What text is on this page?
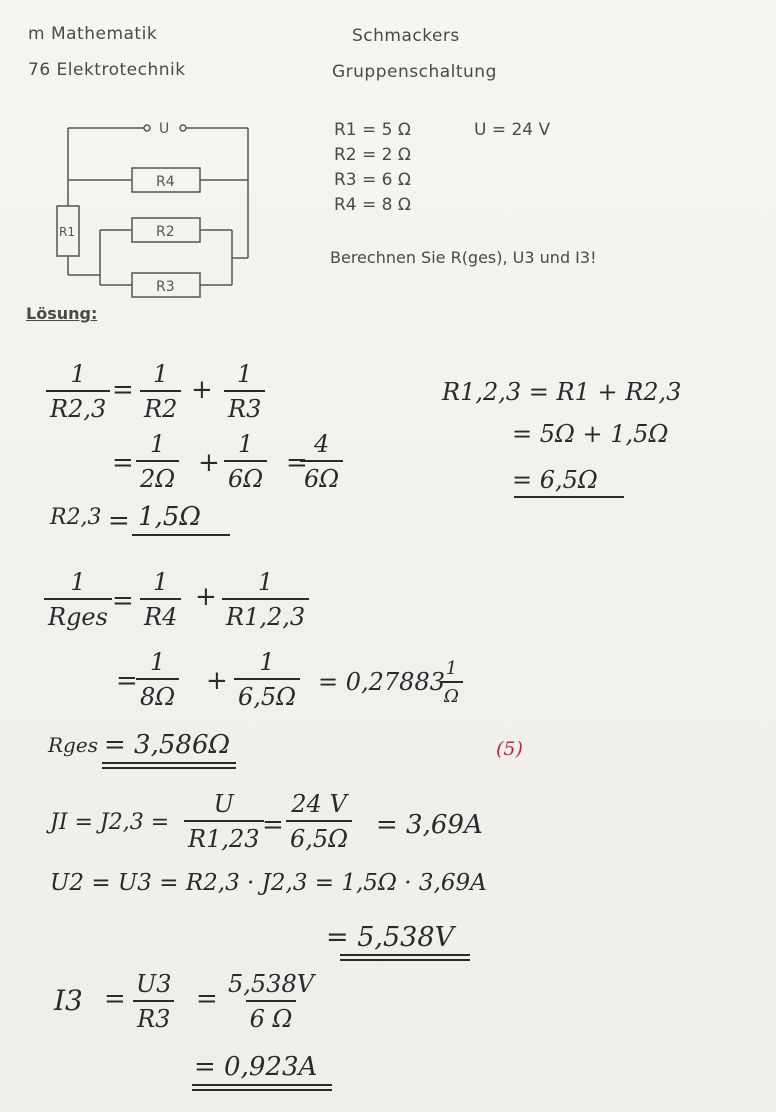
m Mathematik
76 Elektrotechnik
Schmackers
Gruppenschaltung
U
R4
R1	R2
R3
R1 = 5 Ω
R2 = 2 Ω
R3 = 6 Ω
R4 = 8 Ω
U = 24 V
Berechnen Sie R(ges), U3 und I3!
Lösung:
$\frac{1}{R2,3} = \frac{1}{R2} + \frac{1}{R3}$
= $\frac{1}{2\Omega} + \frac{1}{6\Omega}$ =
$\frac{4}{6\Omega}$
R2,3 = 1,5Ω
R1,2,3 = R1 + R2,3
= 5Ω + 1,5Ω
= 6,5Ω
1
Rges
= $\frac{1}{R4} + \frac{1}{R1,2,3}$
=
$\frac{1}{8\Omega} + \frac{1}{6,5\Omega} = 0,27883$
$\frac{1}{\Omega}$
Rges = 3,586Ω	(5)
JI = $J2,3 = \frac{U}{R1,23}$
= $\frac{24 V}{6,5\Omega} = 3,69A$
U2 = U3 = R2,3 · J2,3 = 1,5Ω · 3,69A
= 5,538V
$I3 = \frac{U3}{R3} = \frac{5,538V}{6 \Omega}$
= 0,923A
